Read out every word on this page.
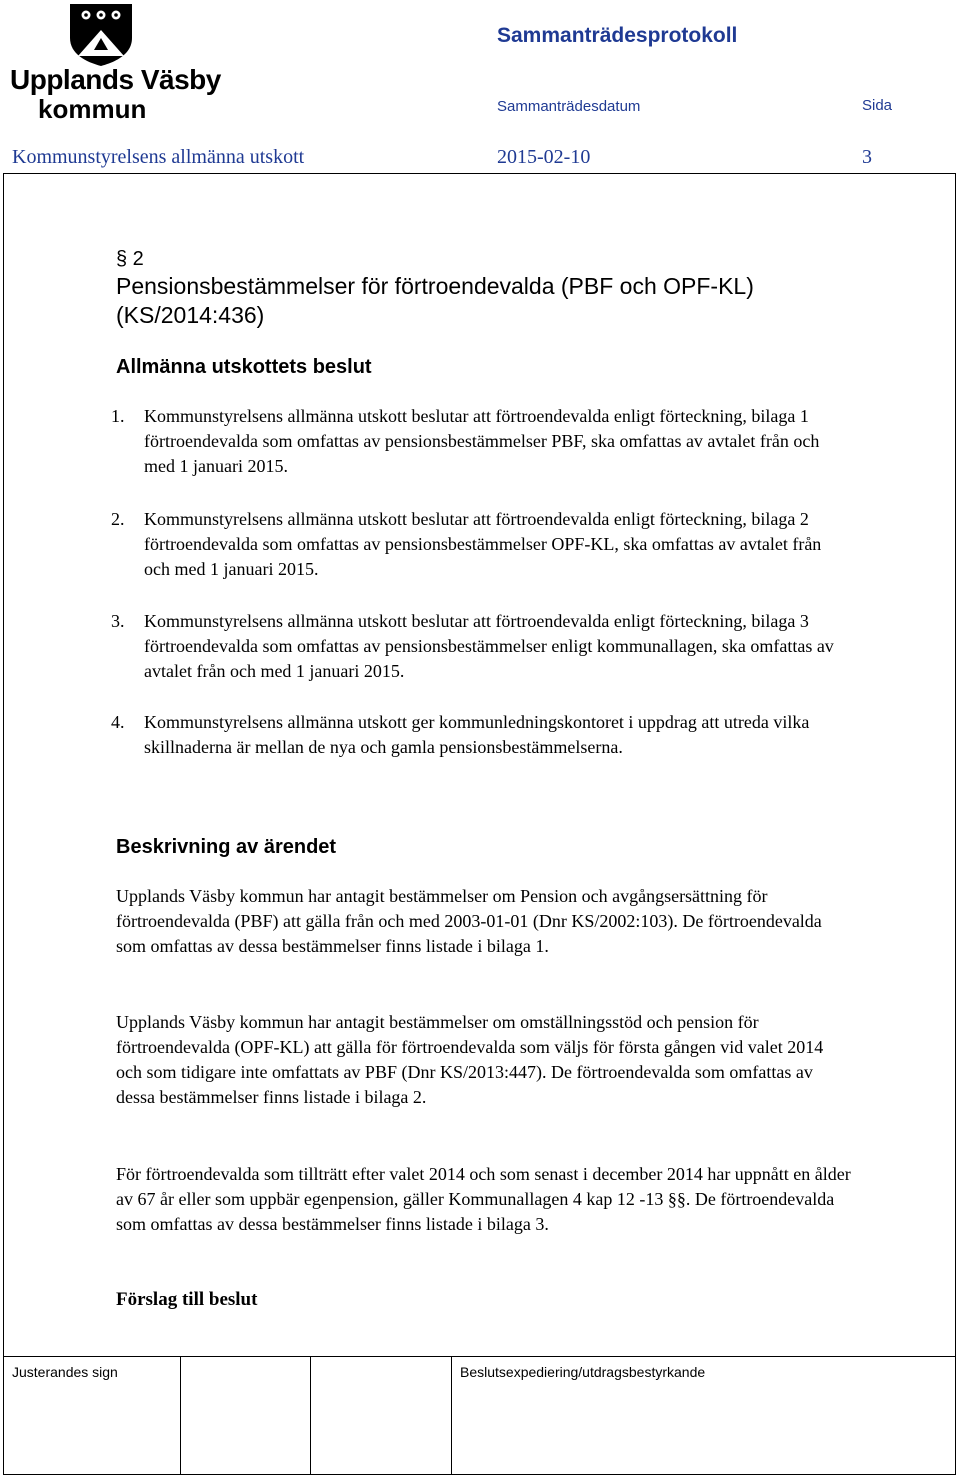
Upplands Väsby
kommun
Sammanträdesprotokoll
Sammanträdesdatum	Sida
Kommunstyrelsens allmänna utskott	2015-02-10	3
§ 2
Pensionsbestämmelser för förtroendevalda (PBF och OPF-KL) (KS/2014:436)
Allmänna utskottets beslut
1. Kommunstyrelsens allmänna utskott beslutar att förtroendevalda enligt förteckning, bilaga 1 förtroendevalda som omfattas av pensionsbestämmelser PBF, ska omfattas av avtalet från och med 1 januari 2015.
2. Kommunstyrelsens allmänna utskott beslutar att förtroendevalda enligt förteckning, bilaga 2 förtroendevalda som omfattas av pensionsbestämmelser OPF-KL, ska omfattas av avtalet från och med 1 januari 2015.
3. Kommunstyrelsens allmänna utskott beslutar att förtroendevalda enligt förteckning, bilaga 3 förtroendevalda som omfattas av pensionsbestämmelser enligt kommunallagen, ska omfattas av avtalet från och med 1 januari 2015.
4. Kommunstyrelsens allmänna utskott ger kommunledningskontoret i uppdrag att utreda vilka skillnaderna är mellan de nya och gamla pensionsbestämmelserna.
Beskrivning av ärendet
Upplands Väsby kommun har antagit bestämmelser om Pension och avgångsersättning för förtroendevalda (PBF) att gälla från och med 2003-01-01 (Dnr KS/2002:103). De förtroendevalda som omfattas av dessa bestämmelser finns listade i bilaga 1.
Upplands Väsby kommun har antagit bestämmelser om omställningsstöd och pension för förtroendevalda (OPF-KL) att gälla för förtroendevalda som väljs för första gången vid valet 2014 och som tidigare inte omfattats av PBF (Dnr KS/2013:447). De förtroendevalda som omfattas av dessa bestämmelser finns listade i bilaga 2.
För förtroendevalda som tillträtt efter valet 2014 och som senast i december 2014 har uppnått en ålder av 67 år eller som uppbär egenpension, gäller Kommunallagen 4 kap 12 -13 §§. De förtroendevalda som omfattas av dessa bestämmelser finns listade i bilaga 3.
Förslag till beslut
Justerandes sign	Beslutsexpediering/utdragsbestyrkande
